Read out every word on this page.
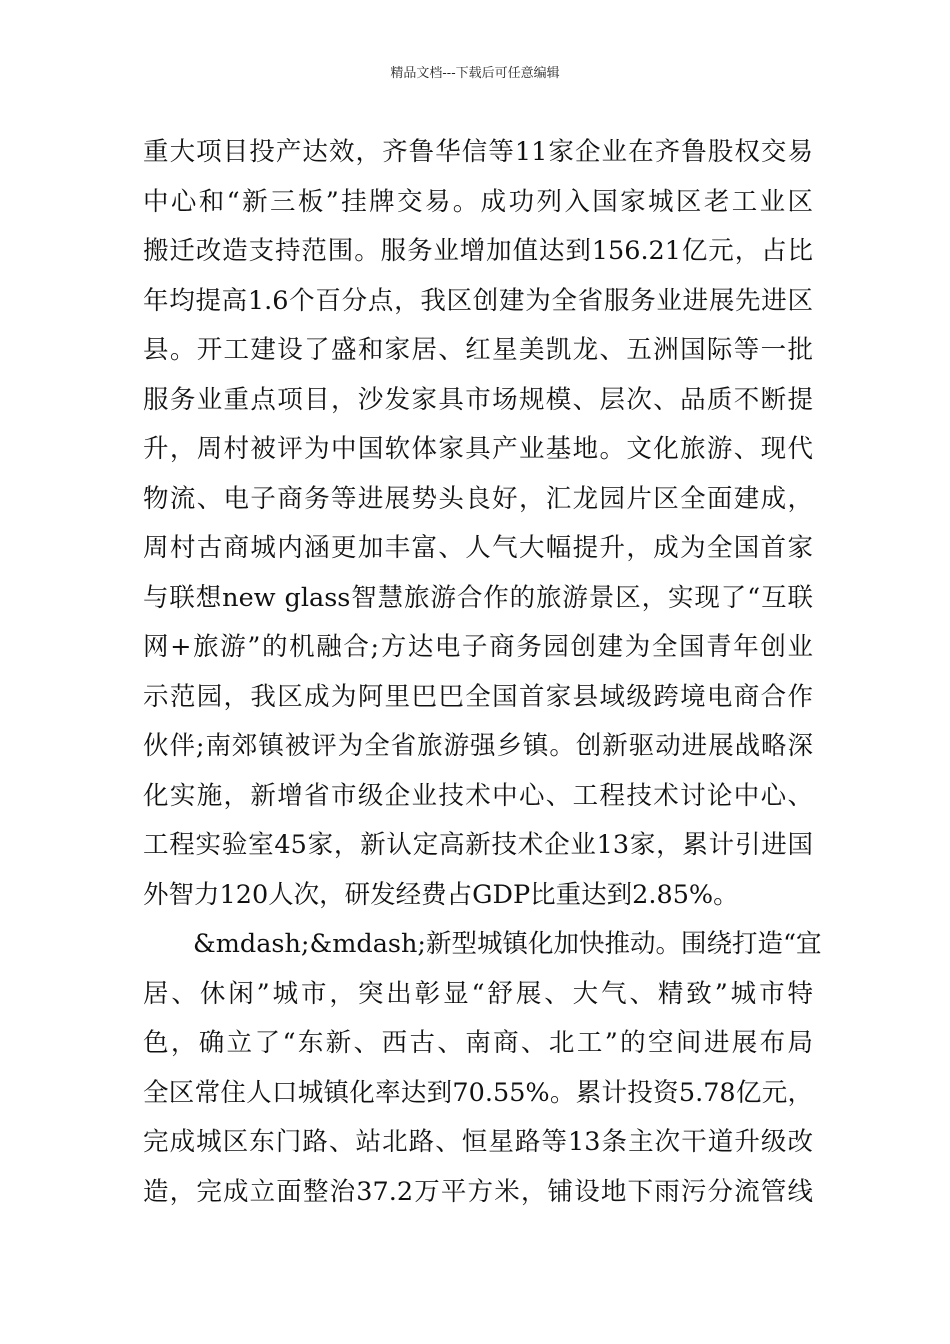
精品文档---下载后可任意编辑
重大项目投产达效，齐鲁华信等11家企业在齐鲁股权交易
中心和“新三板”挂牌交易。成功列入国家城区老工业区
搬迁改造支持范围。服务业增加值达到156.21亿元，占比
年均提高1.6个百分点，我区创建为全省服务业进展先进区
县。开工建设了盛和家居、红星美凯龙、五洲国际等一批
服务业重点项目，沙发家具市场规模、层次、品质不断提
升，周村被评为中国软体家具产业基地。文化旅游、现代
物流、电子商务等进展势头良好，汇龙园片区全面建成，
周村古商城内涵更加丰富、人气大幅提升，成为全国首家
与联想new glass智慧旅游合作的旅游景区，实现了“互联
网+旅游”的机融合;方达电子商务园创建为全国青年创业
示范园，我区成为阿里巴巴全国首家县域级跨境电商合作
伙伴;南郊镇被评为全省旅游强乡镇。创新驱动进展战略深
化实施，新增省市级企业技术中心、工程技术讨论中心、
工程实验室45家，新认定高新技术企业13家，累计引进国
外智力120人次，研发经费占GDP比重达到2.85%。
&mdash;&mdash;新型城镇化加快推动。围绕打造“宜
居、休闲”城市，突出彰显“舒展、大气、精致”城市特
色，确立了“东新、西古、南商、北工”的空间进展布局
全区常住人口城镇化率达到70.55%。累计投资5.78亿元，
完成城区东门路、站北路、恒星路等13条主次干道升级改
造，完成立面整治37.2万平方米，铺设地下雨污分流管线
